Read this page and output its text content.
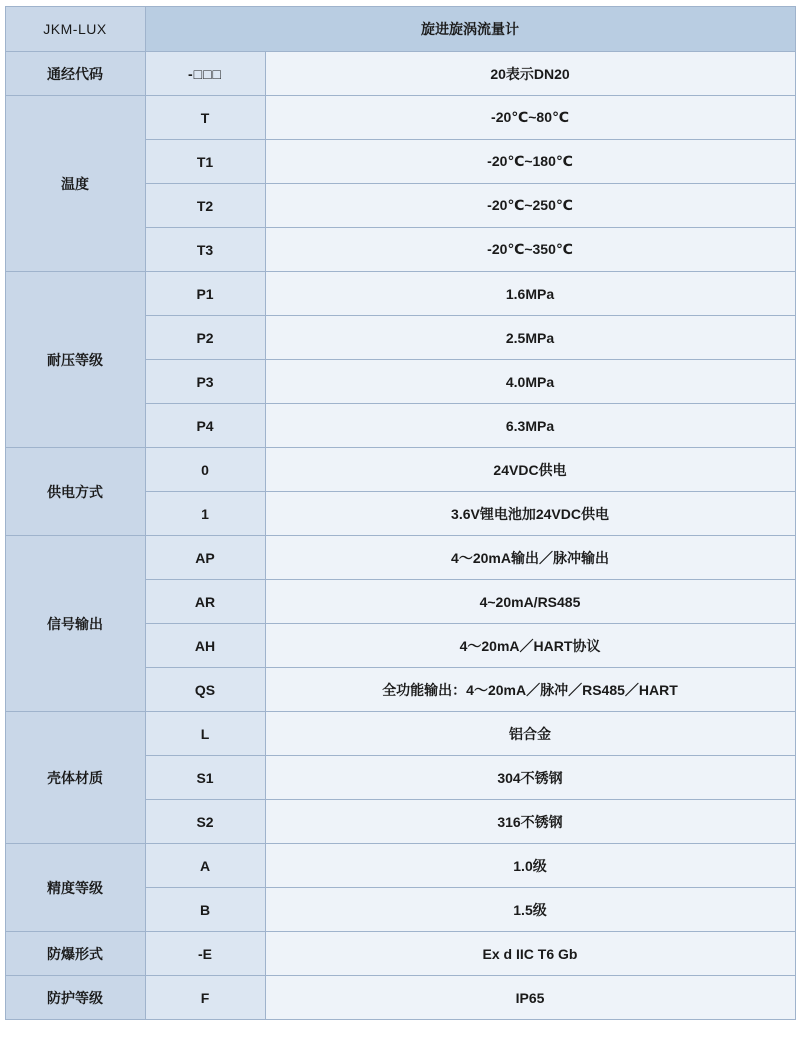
JKM-LUX	旋进旋涡流量计	
通经代码	-□□□	20表示DN20
温度	T	-20℃~80℃
	T1	-20℃~180℃
	T2	-20℃~250℃
	T3	-20℃~350℃
耐压等级	P1	1.6MPa
	P2	2.5MPa
	P3	4.0MPa
	P4	6.3MPa
供电方式	0	24VDC供电
	1	3.6V锂电池加24VDC供电
信号输出	AP	4～20mA输出／脉冲输出
	AR	4~20mA/RS485
	AH	4～20mA／HART协议
	QS	全功能输出：4～20mA／脉冲／RS485／HART
壳体材质	L	铝合金
	S1	304不锈钢
	S2	316不锈钢
精度等级	A	1.0级
	B	1.5级
防爆形式	-E	Ex d IIC T6 Gb
防护等级	F	IP65
